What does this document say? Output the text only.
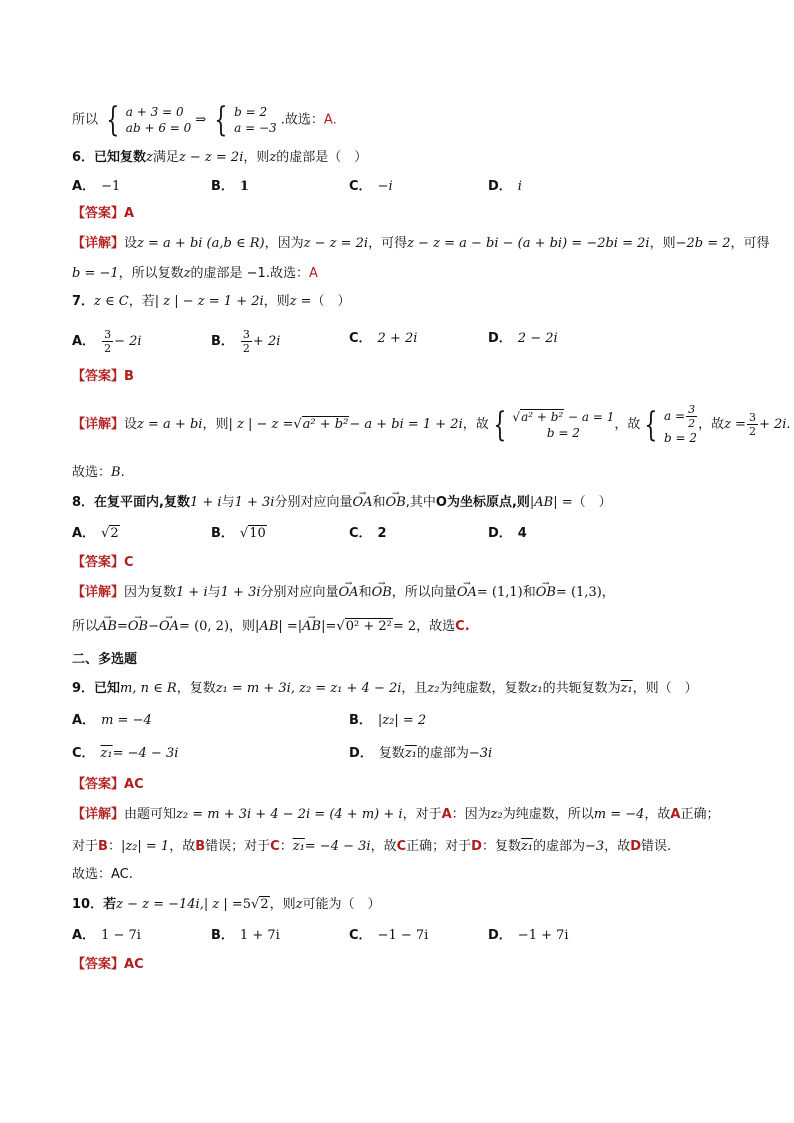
所以 { a + 3 = 0
ab + 6 = 0
⇒ { b = 2
a = −3
.故选：A.
6．已知复数z满足z − z = 2i，则z的虚部是（　）
A． −1	B． 1	C． −i	D． i
【答案】A
【详解】设z = a + bi (a,b ∈ R)，因为z − z = 2i，可得z − z = a − bi − (a + bi) = −2bi = 2i，则−2b = 2，可得
b = −1，所以复数z的虚部是 −1.故选：A
7．z ∈ C，若| z | − z = 1 + 2i，则z =（　）
A． $\frac{3}{2} - 2i$	B． $\frac{3}{2} + 2i$	C． 2 + 2i	D． 2 − 2i
【答案】B
【详解】设z = a + bi，则| z | − z =√a² + b²− a + bi = 1 + 2i，故 { √a² + b² − a = 1
b = 2
，故 { $a = \frac{3}{2}$
b = 2
，故$z = \frac{3}{2} + 2i$.
故选：B.
8．在复平面内,复数1 + i与1 + 3i分别对应向量→ OA和→ OB,其中O为坐标原点,则|AB| =（　）
A． √2	B． √10	C． 2	D． 4
【答案】C
【详解】因为复数1 + i与1 + 3i分别对应向量→ OA和→ OB，所以向量→ OA= (1,1)和→ OB= (1,3)，
所以→ AB=→ OB−→ OA= (0, 2)，则|AB| =|→ AB|=√0² + 2²= 2，故选C.
二、多选题
9．已知m, n ∈ R，复数z₁ = m + 3i, z₂ = z₁ + 4 − 2i，且z₂为纯虚数，复数z₁的共轭复数为z₁，则（　）
A． m = −4	B． |z₂| = 2
C． z₁= −4 − 3i	D． 复数z₁的虚部为−3i
【答案】AC
【详解】由题可知z₂ = m + 3i + 4 − 2i = (4 + m) + i，对于A：因为z₂为纯虚数，所以m = −4，故A正确；
对于B：|z₂| = 1，故B错误；对于C：z₁= −4 − 3i，故C正确；对于D：复数z₁的虚部为−3，故D错误.
故选：AC.
10．若z − z = −14i,| z | =5√2，则z可能为（　）
A． 1 − 7i	B． 1 + 7i	C． −1 − 7i	D． −1 + 7i
【答案】AC
